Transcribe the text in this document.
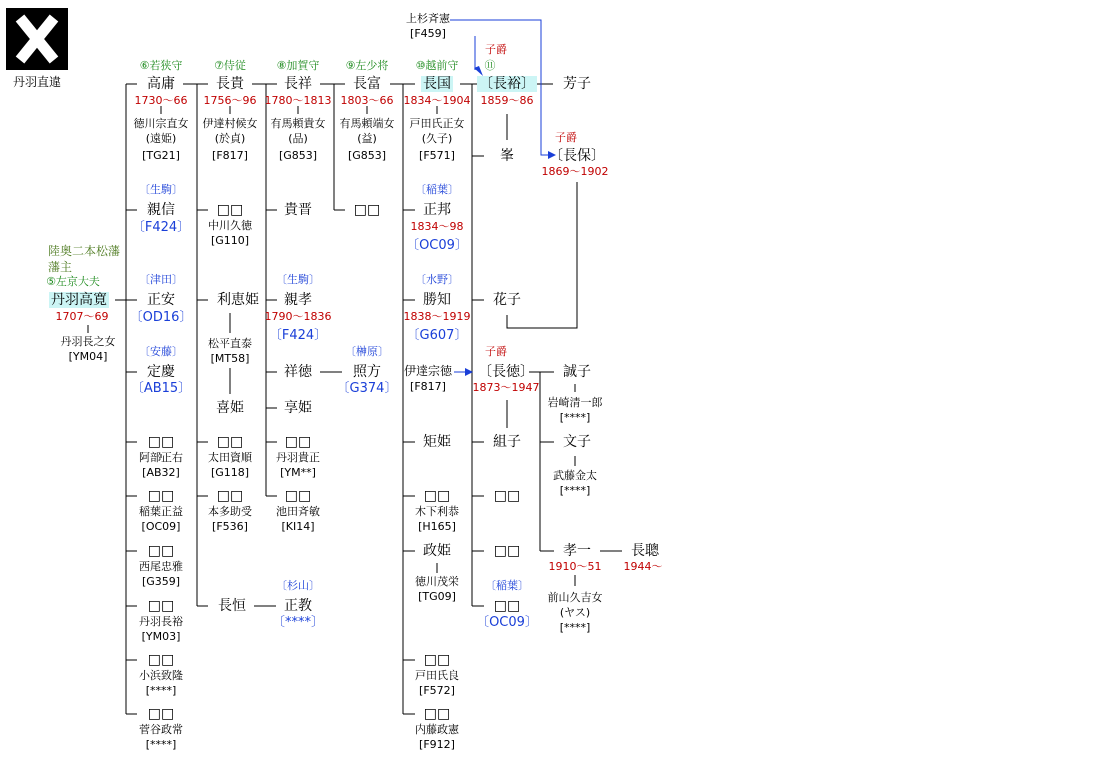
丹羽直違
陸奥二本松藩
藩主
⑤左京大夫
丹羽高寛
1707～69
丹羽長之女
[YM04]
上杉斉憲
[F459]
⑥若狭守
高庸
1730～66
徳川宗直女
(遠姫)
[TG21]
〔生駒〕
親信
〔F424〕
〔津田〕
正安
〔OD16〕
〔安藤〕
定慶
〔AB15〕
□□
阿部正右
[AB32]
□□
稲葉正益
[OC09]
□□
西尾忠雅
[G359]
□□
丹羽長裕
[YM03]
□□
小浜致隆
[****]
□□
菅谷政常
[****]
⑦侍従
長貴
1756～96
伊達村候女
(於貞)
[F817]
□□
中川久徳
[G110]
利恵姫
松平直泰
[MT58]
喜姫
□□
太田資順
[G118]
□□
本多助受
[F536]
長恒
〔杉山〕
正教
〔****〕
⑧加賀守
長祥
1780～1813
有馬頼貴女
(品)
[G853]
貴晋
〔生駒〕
親孝
1790～1836
〔F424〕
祥徳
享姫
□□
丹羽貴正
[YM**]
□□
池田斉敏
[KI14]
〔榊原〕
照方
〔G374〕
⑨左少将
長富
1803～66
有馬頼端女
(益)
[G853]
□□
⑩越前守
長国
1834～1904
戸田氏正女
(久子)
[F571]
〔稲葉〕
正邦
1834～98
〔OC09〕
〔水野〕
勝知
1838～1919
〔G607〕
伊達宗徳
[F817]
矩姫
□□
木下利恭
[H165]
政姫
徳川茂栄
[TG09]
□□
戸田氏良
[F572]
□□
内藤政憲
[F912]
子爵
⑪
〔長裕〕
1859～86
芳子
峯
子爵
〔長保〕
1869～1902
花子
子爵
〔長徳〕
1873～1947
組子
□□
□□
〔稲葉〕
□□
〔OC09〕
誠子
岩崎清一郎
[****]
文子
武藤金太
[****]
孝一
1910～51
前山久吉女
(ヤス)
[****]
長聰
1944～
